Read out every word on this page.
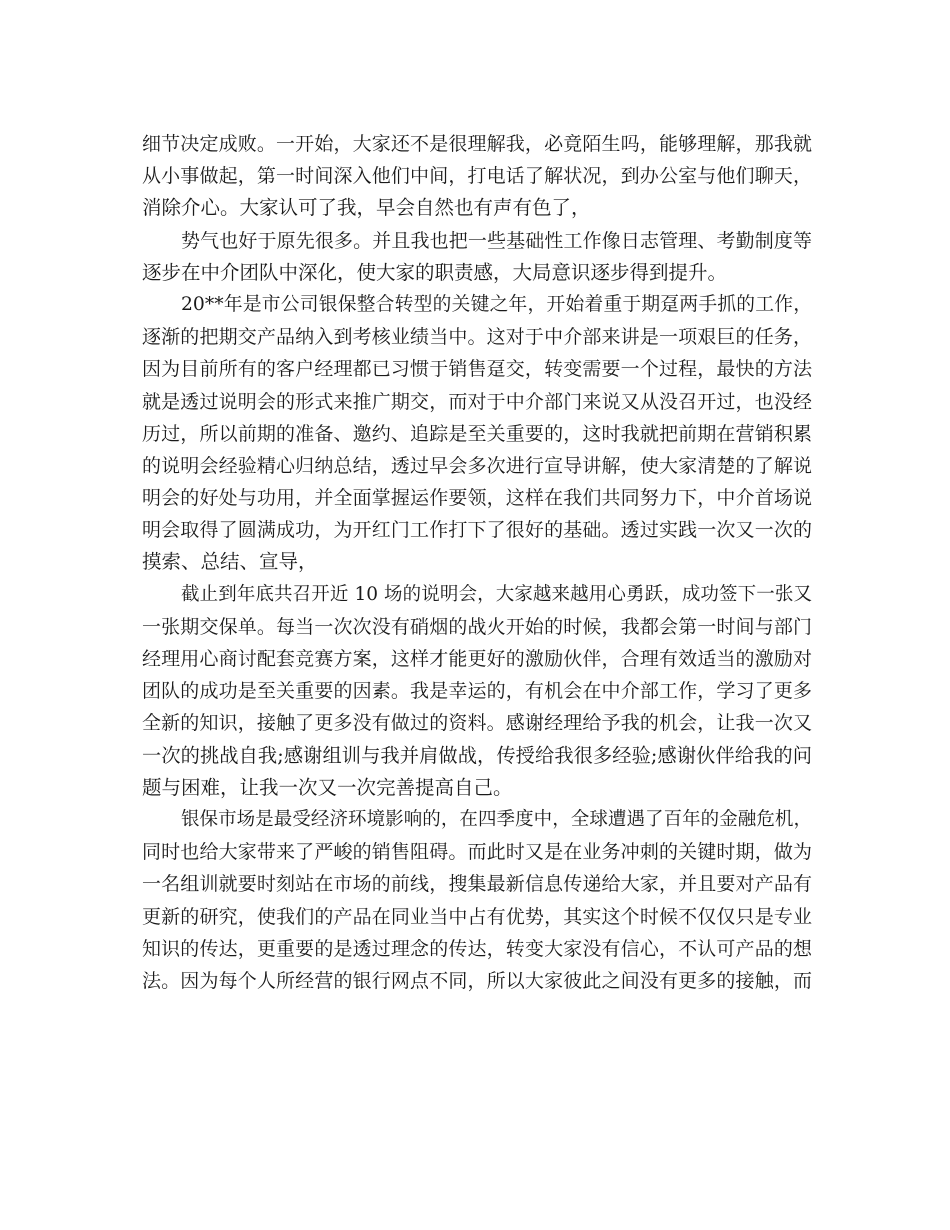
细节决定成败。一开始，大家还不是很理解我，必竟陌生吗，能够理解，那我就
从小事做起，第一时间深入他们中间，打电话了解状况，到办公室与他们聊天，
消除介心。大家认可了我，早会自然也有声有色了，
势气也好于原先很多。并且我也把一些基础性工作像日志管理、考勤制度等
逐步在中介团队中深化，使大家的职责感，大局意识逐步得到提升。
20**年是市公司银保整合转型的关键之年，开始着重于期趸两手抓的工作，
逐渐的把期交产品纳入到考核业绩当中。这对于中介部来讲是一项艰巨的任务，
因为目前所有的客户经理都已习惯于销售趸交，转变需要一个过程，最快的方法
就是透过说明会的形式来推广期交，而对于中介部门来说又从没召开过，也没经
历过，所以前期的准备、邀约、追踪是至关重要的，这时我就把前期在营销积累
的说明会经验精心归纳总结，透过早会多次进行宣导讲解，使大家清楚的了解说
明会的好处与功用，并全面掌握运作要领，这样在我们共同努力下，中介首场说
明会取得了圆满成功，为开红门工作打下了很好的基础。透过实践一次又一次的
摸索、总结、宣导，
截止到年底共召开近 10 场的说明会，大家越来越用心勇跃，成功签下一张又
一张期交保单。每当一次次没有硝烟的战火开始的时候，我都会第一时间与部门
经理用心商讨配套竞赛方案，这样才能更好的激励伙伴，合理有效适当的激励对
团队的成功是至关重要的因素。我是幸运的，有机会在中介部工作，学习了更多
全新的知识，接触了更多没有做过的资料。感谢经理给予我的机会，让我一次又
一次的挑战自我;感谢组训与我并肩做战，传授给我很多经验;感谢伙伴给我的问
题与困难，让我一次又一次完善提高自己。
银保市场是最受经济环境影响的，在四季度中，全球遭遇了百年的金融危机，
同时也给大家带来了严峻的销售阻碍。而此时又是在业务冲刺的关键时期，做为
一名组训就要时刻站在市场的前线，搜集最新信息传递给大家，并且要对产品有
更新的研究，使我们的产品在同业当中占有优势，其实这个时候不仅仅只是专业
知识的传达，更重要的是透过理念的传达，转变大家没有信心，不认可产品的想
法。因为每个人所经营的银行网点不同，所以大家彼此之间没有更多的接触，而
